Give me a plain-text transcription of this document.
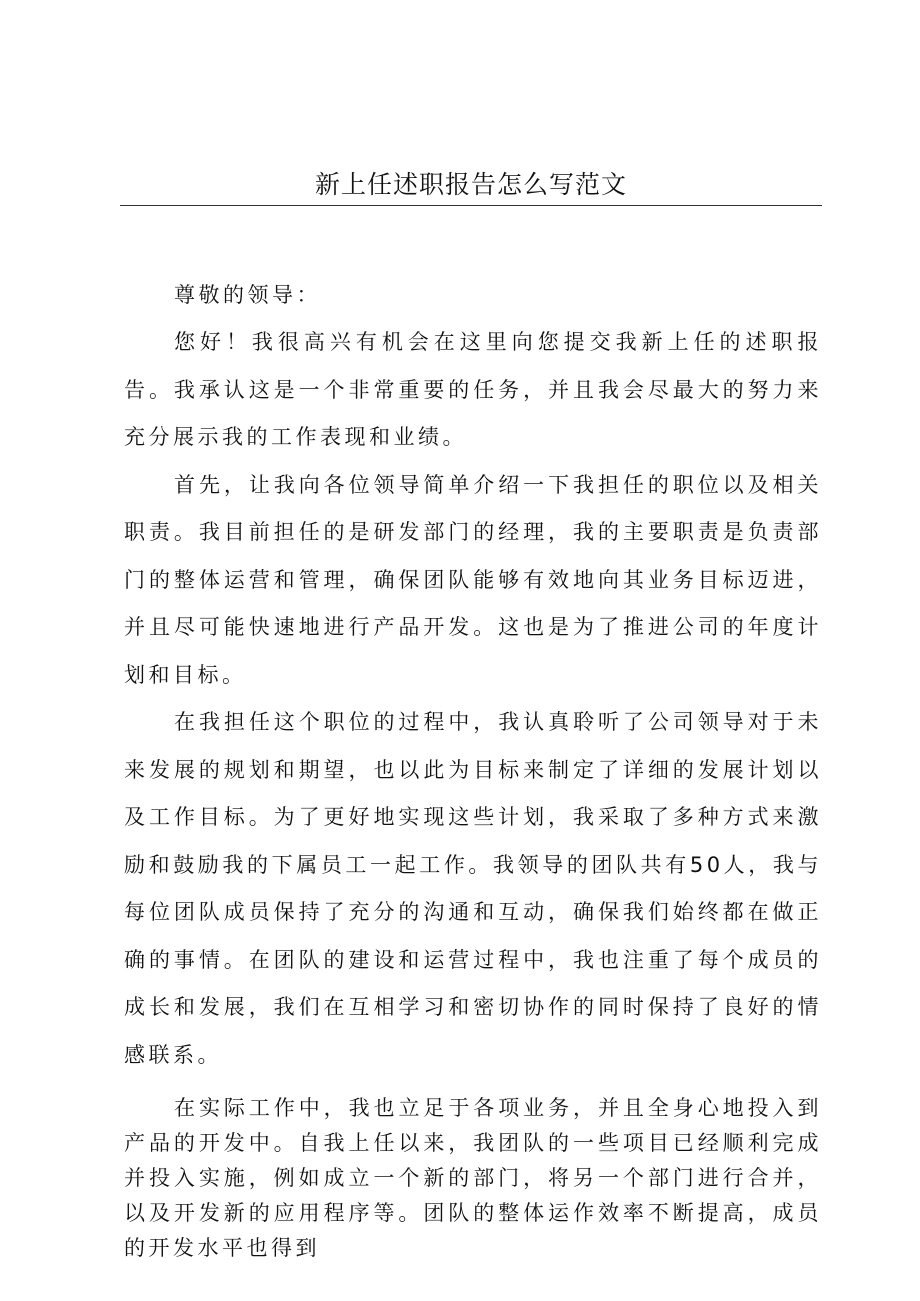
新上任述职报告怎么写范文

尊敬的领导：

您好！我很高兴有机会在这里向您提交我新上任的述职报告。我承认这是一个非常重要的任务，并且我会尽最大的努力来充分展示我的工作表现和业绩。

首先，让我向各位领导简单介绍一下我担任的职位以及相关职责。我目前担任的是研发部门的经理，我的主要职责是负责部门的整体运营和管理，确保团队能够有效地向其业务目标迈进，并且尽可能快速地进行产品开发。这也是为了推进公司的年度计划和目标。

在我担任这个职位的过程中，我认真聆听了公司领导对于未来发展的规划和期望，也以此为目标来制定了详细的发展计划以及工作目标。为了更好地实现这些计划，我采取了多种方式来激励和鼓励我的下属员工一起工作。我领导的团队共有50人，我与每位团队成员保持了充分的沟通和互动，确保我们始终都在做正确的事情。在团队的建设和运营过程中，我也注重了每个成员的成长和发展，我们在互相学习和密切协作的同时保持了良好的情感联系。

在实际工作中，我也立足于各项业务，并且全身心地投入到产品的开发中。自我上任以来，我团队的一些项目已经顺利完成并投入实施，例如成立一个新的部门，将另一个部门进行合并，以及开发新的应用程序等。团队的整体运作效率不断提高，成员的开发水平也得到
